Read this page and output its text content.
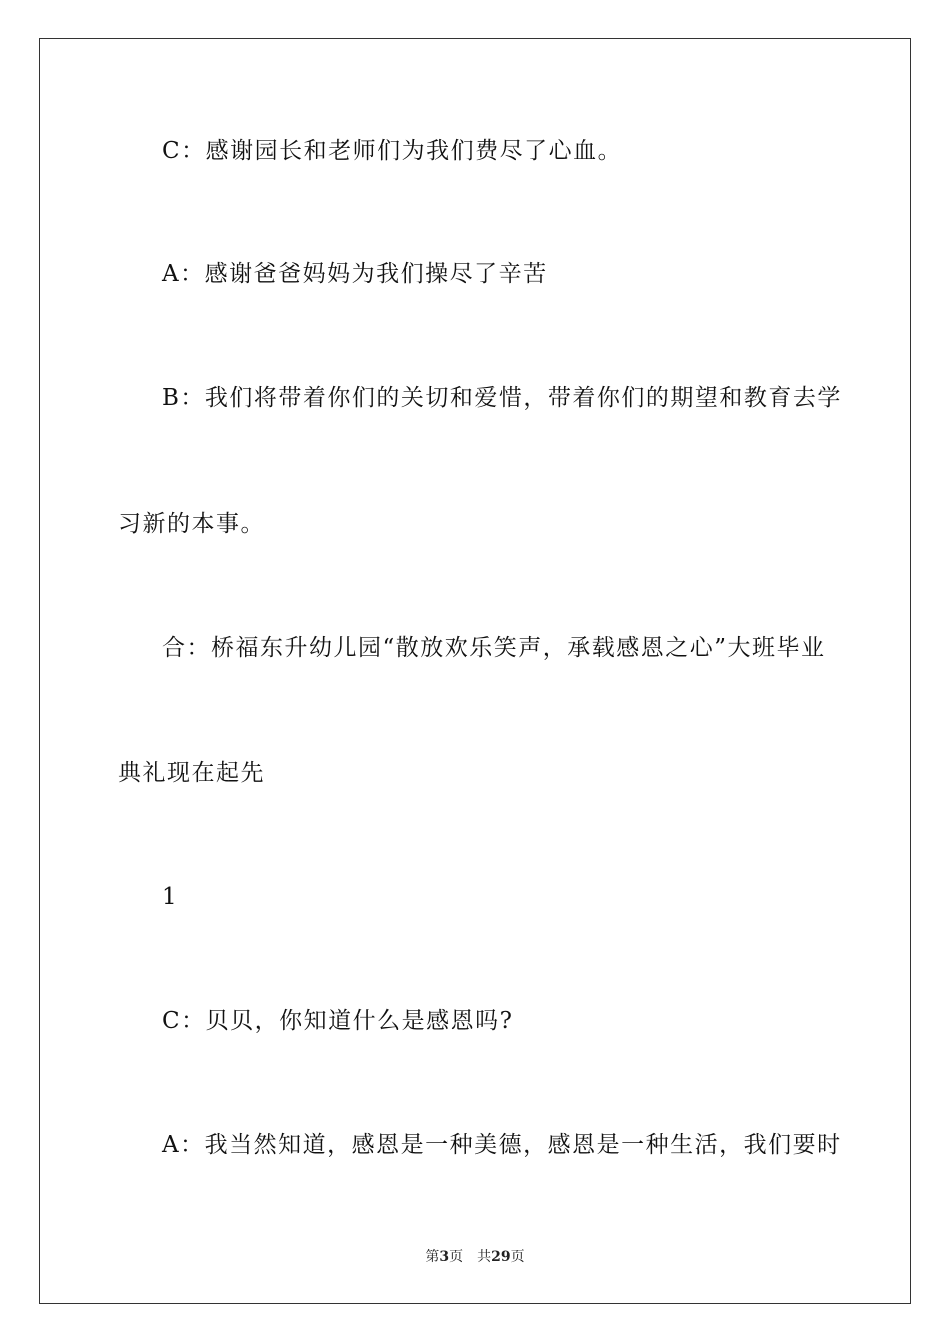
C：感谢园长和老师们为我们费尽了心血。
A：感谢爸爸妈妈为我们操尽了辛苦
B：我们将带着你们的关切和爱惜，带着你们的期望和教育去学
习新的本事。
合：桥福东升幼儿园“散放欢乐笑声，承载感恩之心”大班毕业
典礼现在起先
1
C：贝贝，你知道什么是感恩吗?
A：我当然知道，感恩是一种美德，感恩是一种生活，我们要时
第3页 共29页
